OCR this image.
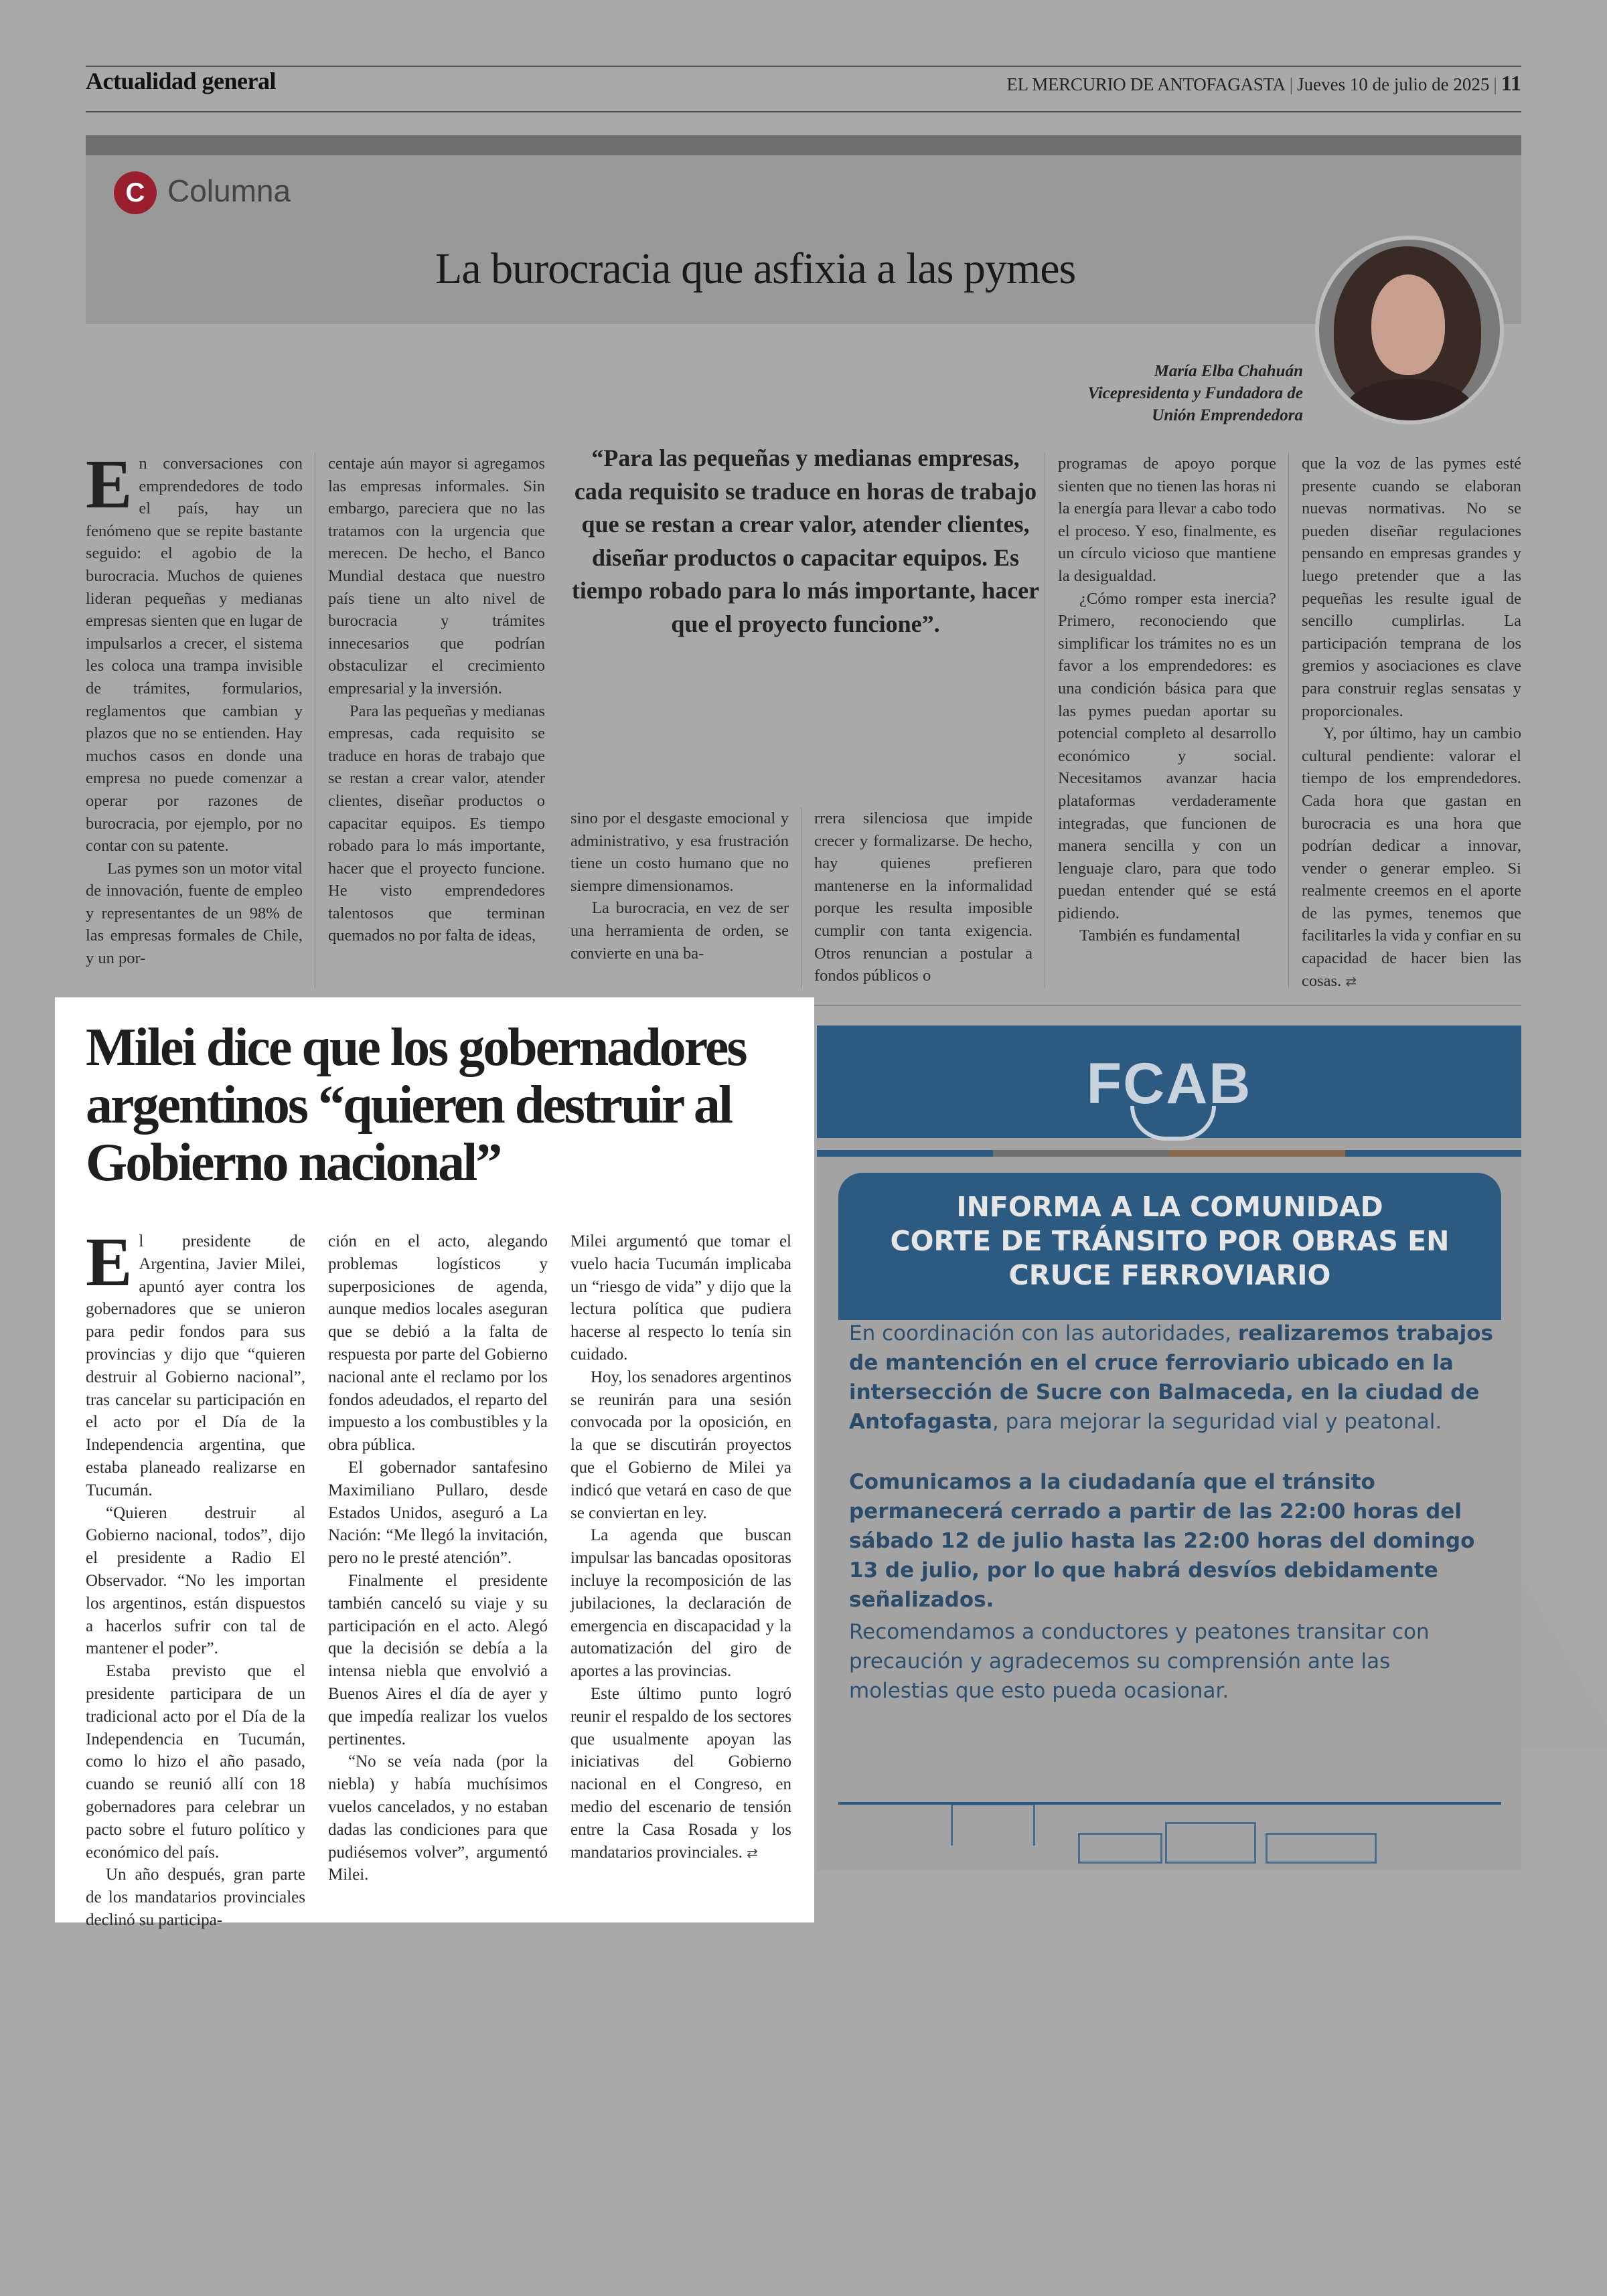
Actualidad general	EL MERCURIO DE ANTOFAGASTA | Jueves 10 de julio de 2025 | 11
C Columna
La burocracia que asfixia a las pymes
María Elba Chahuán
Vicepresidenta y Fundadora de
Unión Emprendedora

En conversaciones con emprendedores de todo el país, hay un fenómeno que se repite bastante seguido: el agobio de la burocracia. Muchos de quienes lideran pequeñas y medianas empresas sienten que en lugar de impulsarlos a crecer, el sistema les coloca una trampa invisible de trámites, formularios, reglamentos que cambian y plazos que no se entienden. Hay muchos casos en donde una empresa no puede comenzar a operar por razones de burocracia, por ejemplo, por no contar con su patente.

Las pymes son un motor vital de innovación, fuente de empleo y representantes de un 98% de las empresas formales de Chile, y un por-

centaje aún mayor si agregamos las empresas informales. Sin embargo, pareciera que no las tratamos con la urgencia que merecen. De hecho, el Banco Mundial destaca que nuestro país tiene un alto nivel de burocracia y trámites innecesarios que podrían obstaculizar el crecimiento empresarial y la inversión.

Para las pequeñas y medianas empresas, cada requisito se traduce en horas de trabajo que se restan a crear valor, atender clientes, diseñar productos o capacitar equipos. Es tiempo robado para lo más importante, hacer que el proyecto funcione. He visto emprendedores talentosos que terminan quemados no por falta de ideas,

“Para las pequeñas y medianas empresas, cada requisito se traduce en horas de trabajo que se restan a crear valor, atender clientes, diseñar productos o capacitar equipos. Es tiempo robado para lo más importante, hacer que el proyecto funcione”.

sino por el desgaste emocional y administrativo, y esa frustración tiene un costo humano que no siempre dimensionamos.

La burocracia, en vez de ser una herramienta de orden, se convierte en una ba-

rrera silenciosa que impide crecer y formalizarse. De hecho, hay quienes prefieren mantenerse en la informalidad porque les resulta imposible cumplir con tanta exigencia. Otros renuncian a postular a fondos públicos o

programas de apoyo porque sienten que no tienen las horas ni la energía para llevar a cabo todo el proceso. Y eso, finalmente, es un círculo vicioso que mantiene la desigualdad.

¿Cómo romper esta inercia? Primero, reconociendo que simplificar los trámites no es un favor a los emprendedores: es una condición básica para que las pymes puedan aportar su potencial completo al desarrollo económico y social. Necesitamos avanzar hacia plataformas verdaderamente integradas, que funcionen de manera sencilla y con un lenguaje claro, para que todo puedan entender qué se está pidiendo.

También es fundamental

que la voz de las pymes esté presente cuando se elaboran nuevas normativas. No se pueden diseñar regulaciones pensando en empresas grandes y luego pretender que a las pequeñas les resulte igual de sencillo cumplirlas. La participación temprana de los gremios y asociaciones es clave para construir reglas sensatas y proporcionales.

Y, por último, hay un cambio cultural pendiente: valorar el tiempo de los emprendedores. Cada hora que gastan en burocracia es una hora que podrían dedicar a innovar, vender o generar empleo. Si realmente creemos en el aporte de las pymes, tenemos que facilitarles la vida y confiar en su capacidad de hacer bien las cosas. ⇄

Milei dice que los gobernadores argentinos “quieren destruir al Gobierno nacional”

El presidente de Argentina, Javier Milei, apuntó ayer contra los gobernadores que se unieron para pedir fondos para sus provincias y dijo que “quieren destruir al Gobierno nacional”, tras cancelar su participación en el acto por el Día de la Independencia argentina, que estaba planeado realizarse en Tucumán.

“Quieren destruir al Gobierno nacional, todos”, dijo el presidente a Radio El Observador. “No les importan los argentinos, están dispuestos a hacerlos sufrir con tal de mantener el poder”.

Estaba previsto que el presidente participara de un tradicional acto por el Día de la Independencia en Tucumán, como lo hizo el año pasado, cuando se reunió allí con 18 gobernadores para celebrar un pacto sobre el futuro político y económico del país.

Un año después, gran parte de los mandatarios provinciales declinó su participa-

ción en el acto, alegando problemas logísticos y superposiciones de agenda, aunque medios locales aseguran que se debió a la falta de respuesta por parte del Gobierno nacional ante el reclamo por los fondos adeudados, el reparto del impuesto a los combustibles y la obra pública.

El gobernador santafesino Maximiliano Pullaro, desde Estados Unidos, aseguró a La Nación: “Me llegó la invitación, pero no le presté atención”.

Finalmente el presidente también canceló su viaje y su participación en el acto. Alegó que la decisión se debía a la intensa niebla que envolvió a Buenos Aires el día de ayer y que impedía realizar los vuelos pertinentes.

“No se veía nada (por la niebla) y había muchísimos vuelos cancelados, y no estaban dadas las condiciones para que pudiésemos volver”, argumentó Milei.

Milei argumentó que tomar el vuelo hacia Tucumán implicaba un “riesgo de vida” y dijo que la lectura política que pudiera hacerse al respecto lo tenía sin cuidado.

Hoy, los senadores argentinos se reunirán para una sesión convocada por la oposición, en la que se discutirán proyectos que el Gobierno de Milei ya indicó que vetará en caso de que se conviertan en ley.

La agenda que buscan impulsar las bancadas opositoras incluye la recomposición de las jubilaciones, la declaración de emergencia en discapacidad y la automatización del giro de aportes a las provincias.

Este último punto logró reunir el respaldo de los sectores que usualmente apoyan las iniciativas del Gobierno nacional en el Congreso, en medio del escenario de tensión entre la Casa Rosada y los mandatarios provinciales. ⇄

FCAB
INFORMA A LA COMUNIDAD
CORTE DE TRÁNSITO POR OBRAS EN
CRUCE FERROVIARIO
En coordinación con las autoridades, realizaremos trabajos de mantención en el cruce ferroviario ubicado en la intersección de Sucre con Balmaceda, en la ciudad de Antofagasta, para mejorar la seguridad vial y peatonal.
Comunicamos a la ciudadanía que el tránsito permanecerá cerrado a partir de las 22:00 horas del sábado 12 de julio hasta las 22:00 horas del domingo 13 de julio, por lo que habrá desvíos debidamente señalizados.
Recomendamos a conductores y peatones transitar con precaución y agradecemos su comprensión ante las molestias que esto pueda ocasionar.
